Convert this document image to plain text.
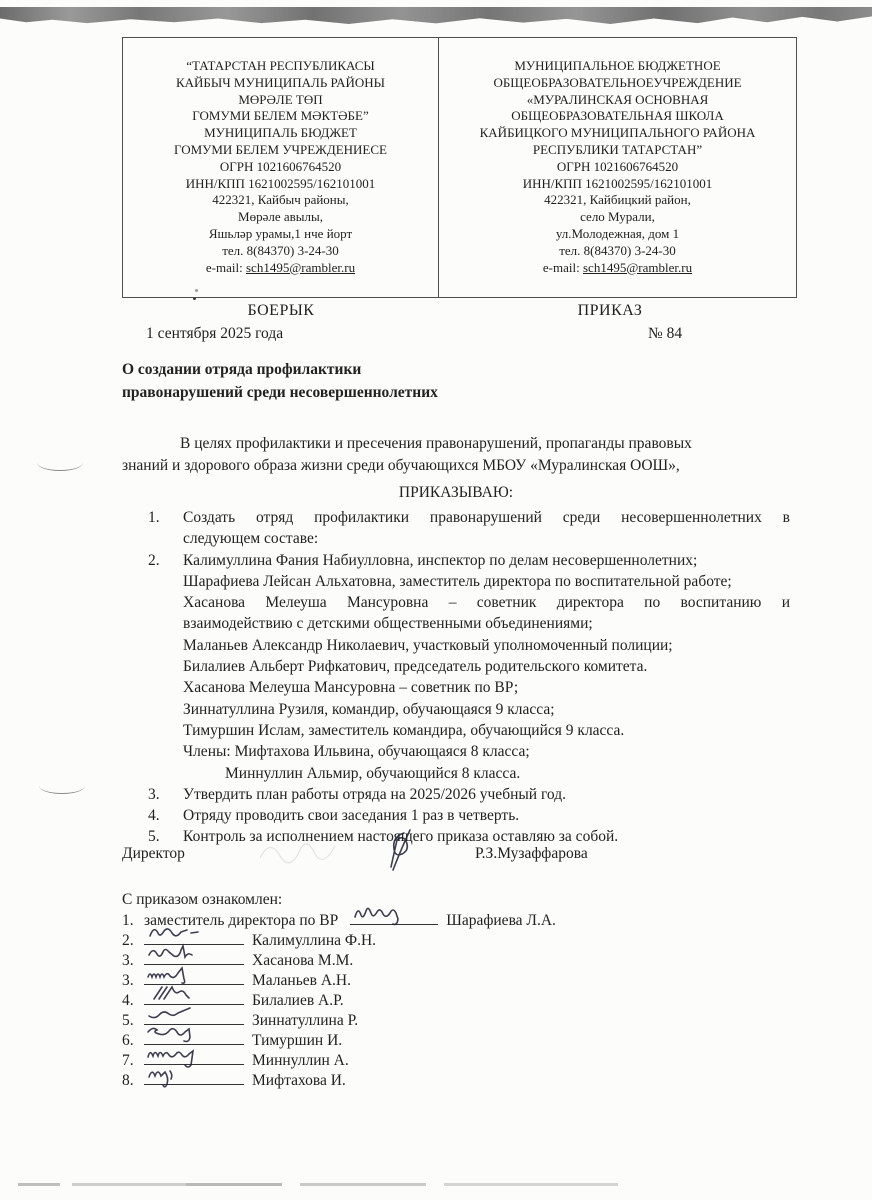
“ТАТАРСТАН РЕСПУБЛИКАСЫ
КАЙБЫЧ МУНИЦИПАЛЬ РАЙОНЫ
МӨРӘЛЕ ТӨП
ГОМУМИ БЕЛЕМ МӘКТӘБЕ”
МУНИЦИПАЛЬ БЮДЖЕТ
ГОМУМИ БЕЛЕМ УЧРЕЖДЕНИЕСЕ
ОГРН 1021606764520
ИНН/КПП 1621002595/162101001
422321, Кайбыч районы,
Мөрәле авылы,
Яшьләр урамы,1 нче йорт
тел. 8(84370) 3-24-30
e-mail: sch1495@rambler.ru
МУНИЦИПАЛЬНОЕ БЮДЖЕТНОЕ
ОБЩЕОБРАЗОВАТЕЛЬНОЕУЧРЕЖДЕНИЕ
«МУРАЛИНСКАЯ ОСНОВНАЯ
ОБЩЕОБРАЗОВАТЕЛЬНАЯ ШКОЛА
КАЙБИЦКОГО МУНИЦИПАЛЬНОГО РАЙОНА
РЕСПУБЛИКИ ТАТАРСТАН”
ОГРН 1021606764520
ИНН/КПП 1621002595/162101001
422321, Кайбицкий район,
село Мурали,
ул.Молодежная, дом 1
тел. 8(84370) 3-24-30
e-mail: sch1495@rambler.ru
БОЕРЫК	ПРИКАЗ
1 сентября 2025 года	№ 84
О создании отряда профилактики
правонарушений среди несовершеннолетних
В целях профилактики и пресечения правонарушений, пропаганды правовых
знаний и здорового образа жизни среди обучающихся МБОУ «Муралинская ООШ»,
ПРИКАЗЫВАЮ:
1. Создать отряд профилактики правонарушений среди несовершеннолетних в
следующем составе:
2. Калимуллина Фания Набиулловна, инспектор по делам несовершеннолетних;
Шарафиева Лейсан Альхатовна, заместитель директора по воспитательной работе;
Хасанова Мелеуша Мансуровна – советник директора по воспитанию и
взаимодействию с детскими общественными объединениями;
Маланьев Александр Николаевич, участковый уполномоченный полиции;
Билалиев Альберт Рифкатович, председатель родительского комитета.
Хасанова Мелеуша Мансуровна – советник по ВР;
Зиннатуллина Рузиля, командир, обучающаяся 9 класса;
Тимуршин Ислам, заместитель командира, обучающийся 9 класса.
Члены: Мифтахова Ильвина, обучающаяся 8 класса;
Миннуллин Альмир, обучающийся 8 класса.
3. Утвердить план работы отряда на 2025/2026 учебный год.
4. Отряду проводить свои заседания 1 раз в четверть.
5. Контроль за исполнением настоящего приказа оставляю за собой.
Директор	Р.З.Музаффарова
С приказом ознакомлен:
1. заместитель директора по ВР	Шарафиева Л.А.
2.	Калимуллина Ф.Н.
3.	Хасанова М.М.
3.	Маланьев А.Н.
4.	Билалиев А.Р.
5.	Зиннатуллина Р.
6.	Тимуршин И.
7.	Миннуллин А.
8.	Мифтахова И.
